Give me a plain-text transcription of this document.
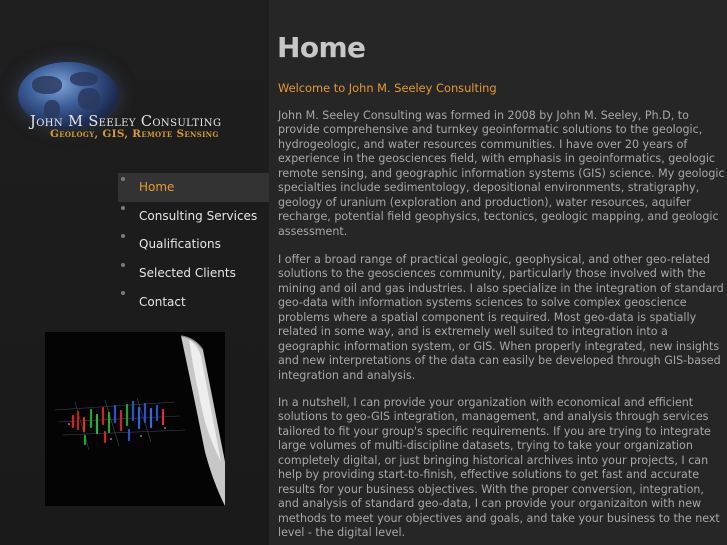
John M Seeley Consulting
Geology, GIS, Remote Sensing
Home
Consulting Services
Qualifications
Selected Clients
Contact
Home
Welcome to John M. Seeley Consulting

John M. Seeley Consulting was formed in 2008 by John M. Seeley, Ph.D, to provide comprehensive and turnkey geoinformatic solutions to the geologic, hydrogeologic, and water resources communities. I have over 20 years of experience in the geosciences field, with emphasis in geoinformatics, geologic remote sensing, and geographic information systems (GIS) science. My geologic specialties include sedimentology, depositional environments, stratigraphy, geology of uranium (exploration and production), water resources, aquifer recharge, potential field geophysics, tectonics, geologic mapping, and geologic assessment.

I offer a broad range of practical geologic, geophysical, and other geo-related solutions to the geosciences community, particularly those involved with the mining and oil and gas industries. I also specialize in the integration of standard geo-data with information systems sciences to solve complex geoscience problems where a spatial component is required. Most geo-data is spatially related in some way, and is extremely well suited to integration into a geographic information system, or GIS. When properly integrated, new insights and new interpretations of the data can easily be developed through GIS-based integration and analysis.

In a nutshell, I can provide your organization with economical and efficient solutions to geo-GIS integration, management, and analysis through services tailored to fit your group's specific requirements. If you are trying to integrate large volumes of multi-discipline datasets, trying to take your organization completely digital, or just bringing historical archives into your projects, I can help by providing start-to-finish, effective solutions to get fast and accurate results for your business objectives. With the proper conversion, integration, and analysis of standard geo-data, I can provide your organizaiton with new methods to meet your objectives and goals, and take your business to the next level - the digital level.
